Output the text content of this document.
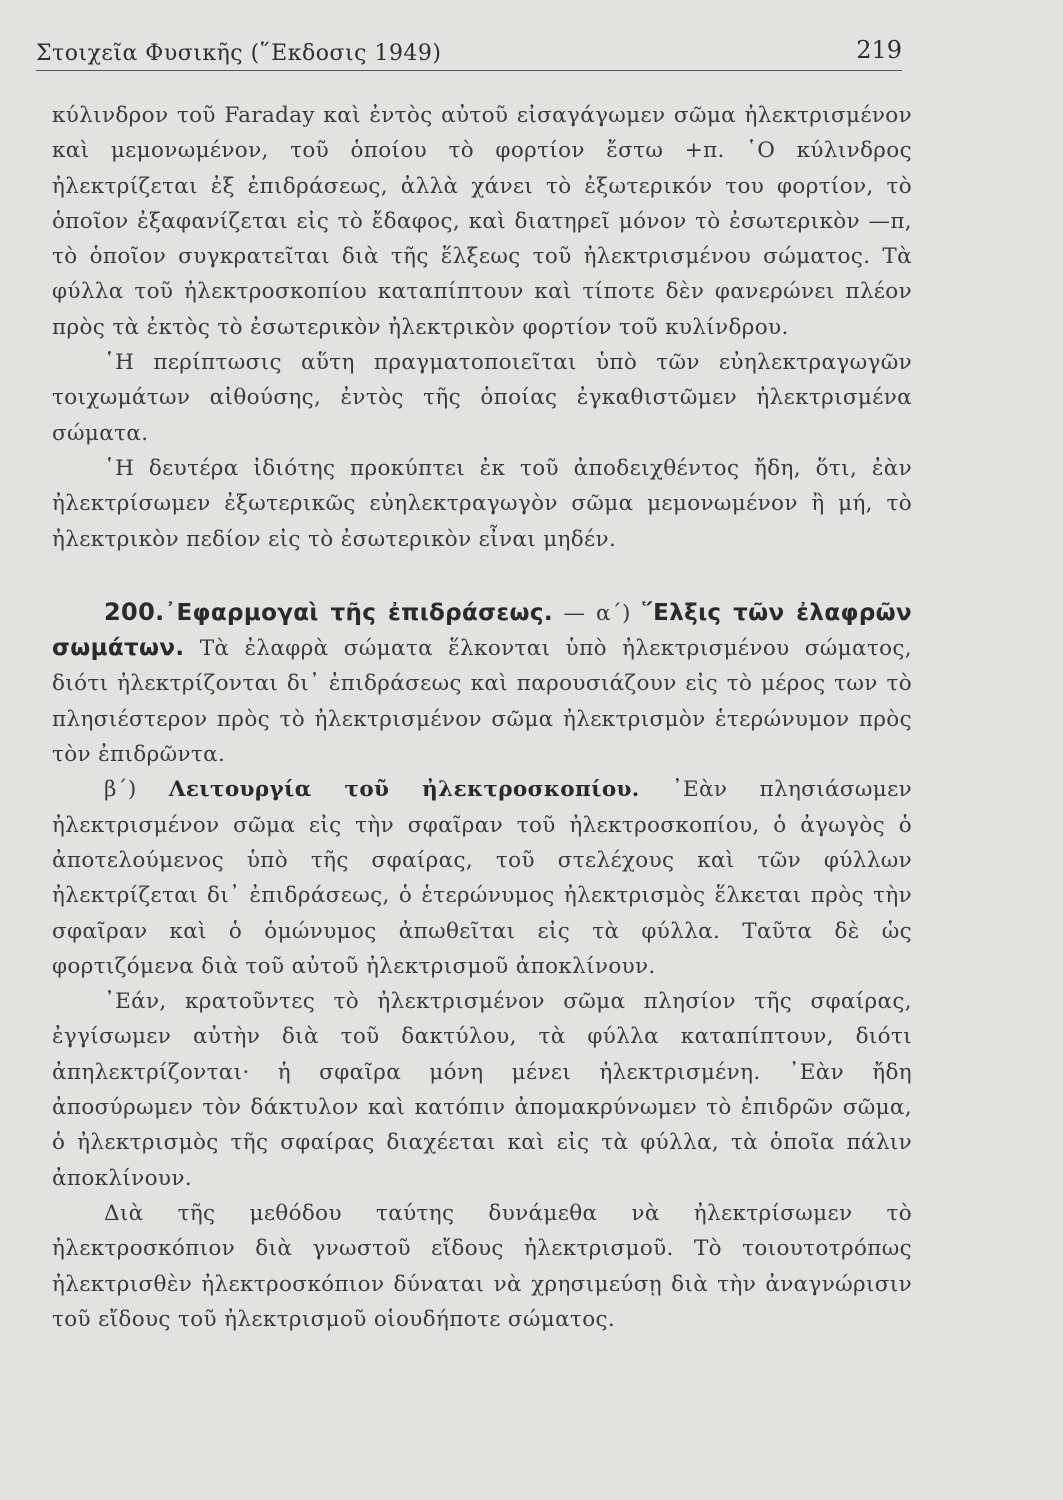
Στοιχεῖα Φυσικῆς (῞Εκδοσις 1949)	219

κύλινδρον τοῦ Faraday καὶ ἐντὸς αὐτοῦ εἰσαγάγωμεν σῶμα ἠλεκτρισμένον καὶ μεμονωμένον, τοῦ ὁποίου τὸ φορτίον ἔστω +π. ῾Ο κύλινδρος ἠλεκτρίζεται ἐξ ἐπιδράσεως, ἀλλὰ χάνει τὸ ἐξωτερικόν του φορτίον, τὸ ὁποῖον ἐξαφανίζεται εἰς τὸ ἔδαφος, καὶ διατηρεῖ μόνον τὸ ἐσωτερικὸν —π, τὸ ὁποῖον συγκρατεῖται διὰ τῆς ἕλξεως τοῦ ἠλεκτρισμένου σώματος. Τὰ φύλλα τοῦ ἠλεκτροσκοπίου καταπίπτουν καὶ τίποτε δὲν φανερώνει πλέον πρὸς τὰ ἐκτὸς τὸ ἐσωτερικὸν ἠλεκτρικὸν φορτίον τοῦ κυλίνδρου.

῾Η περίπτωσις αὕτη πραγματοποιεῖται ὑπὸ τῶν εὐηλεκτραγωγῶν τοιχωμάτων αἰθούσης, ἐντὸς τῆς ὁποίας ἐγκαθιστῶμεν ἠλεκτρισμένα σώματα.

῾Η δευτέρα ἰδιότης προκύπτει ἐκ τοῦ ἀποδειχθέντος ἤδη, ὅτι, ἐὰν ἠλεκτρίσωμεν ἐξωτερικῶς εὐηλεκτραγωγὸν σῶμα μεμονωμένον ἢ μή, τὸ ἠλεκτρικὸν πεδίον εἰς τὸ ἐσωτερικὸν εἶναι μηδέν.

200.᾿Εφαρμογαὶ τῆς ἐπιδράσεως. — α΄) ῞Ελξις τῶν ἐλαφρῶν σωμάτων. Τὰ ἐλαφρὰ σώματα ἕλκονται ὑπὸ ἠλεκτρισμένου σώματος, διότι ἠλεκτρίζονται δι᾿ ἐπιδράσεως καὶ παρουσιάζουν εἰς τὸ μέρος των τὸ πλησιέστερον πρὸς τὸ ἠλεκτρισμένον σῶμα ἠλεκτρισμὸν ἑτερώνυμον πρὸς τὸν ἐπιδρῶντα.

β΄) Λειτουργία τοῦ ἠλεκτροσκοπίου. ᾿Εὰν πλησιάσωμεν ἠλεκτρισμένον σῶμα εἰς τὴν σφαῖραν τοῦ ἠλεκτροσκοπίου, ὁ ἀγωγὸς ὁ ἀποτελούμενος ὑπὸ τῆς σφαίρας, τοῦ στελέχους καὶ τῶν φύλλων ἠλεκτρίζεται δι᾿ ἐπιδράσεως, ὁ ἑτερώνυμος ἠλεκτρισμὸς ἕλκεται πρὸς τὴν σφαῖραν καὶ ὁ ὁμώνυμος ἀπωθεῖται εἰς τὰ φύλλα. Ταῦτα δὲ ὡς φορτιζόμενα διὰ τοῦ αὐτοῦ ἠλεκτρισμοῦ ἀποκλίνουν.

᾿Εάν, κρατοῦντες τὸ ἠλεκτρισμένον σῶμα πλησίον τῆς σφαίρας, ἐγγίσωμεν αὐτὴν διὰ τοῦ δακτύλου, τὰ φύλλα καταπίπτουν, διότι ἀπηλεκτρίζονται· ἡ σφαῖρα μόνη μένει ἠλεκτρισμένη. ᾿Εὰν ἤδη ἀποσύρωμεν τὸν δάκτυλον καὶ κατόπιν ἀπομακρύνωμεν τὸ ἐπιδρῶν σῶμα, ὁ ἠλεκτρισμὸς τῆς σφαίρας διαχέεται καὶ εἰς τὰ φύλλα, τὰ ὁποῖα πάλιν ἀποκλίνουν.

Διὰ τῆς μεθόδου ταύτης δυνάμεθα νὰ ἠλεκτρίσωμεν τὸ ἠλεκτροσκόπιον διὰ γνωστοῦ εἴδους ἠλεκτρισμοῦ. Τὸ τοιουτοτρόπως ἠλεκτρισθὲν ἠλεκτροσκόπιον δύναται νὰ χρησιμεύσῃ διὰ τὴν ἀναγνώρισιν τοῦ εἴδους τοῦ ἠλεκτρισμοῦ οἱουδήποτε σώματος.
